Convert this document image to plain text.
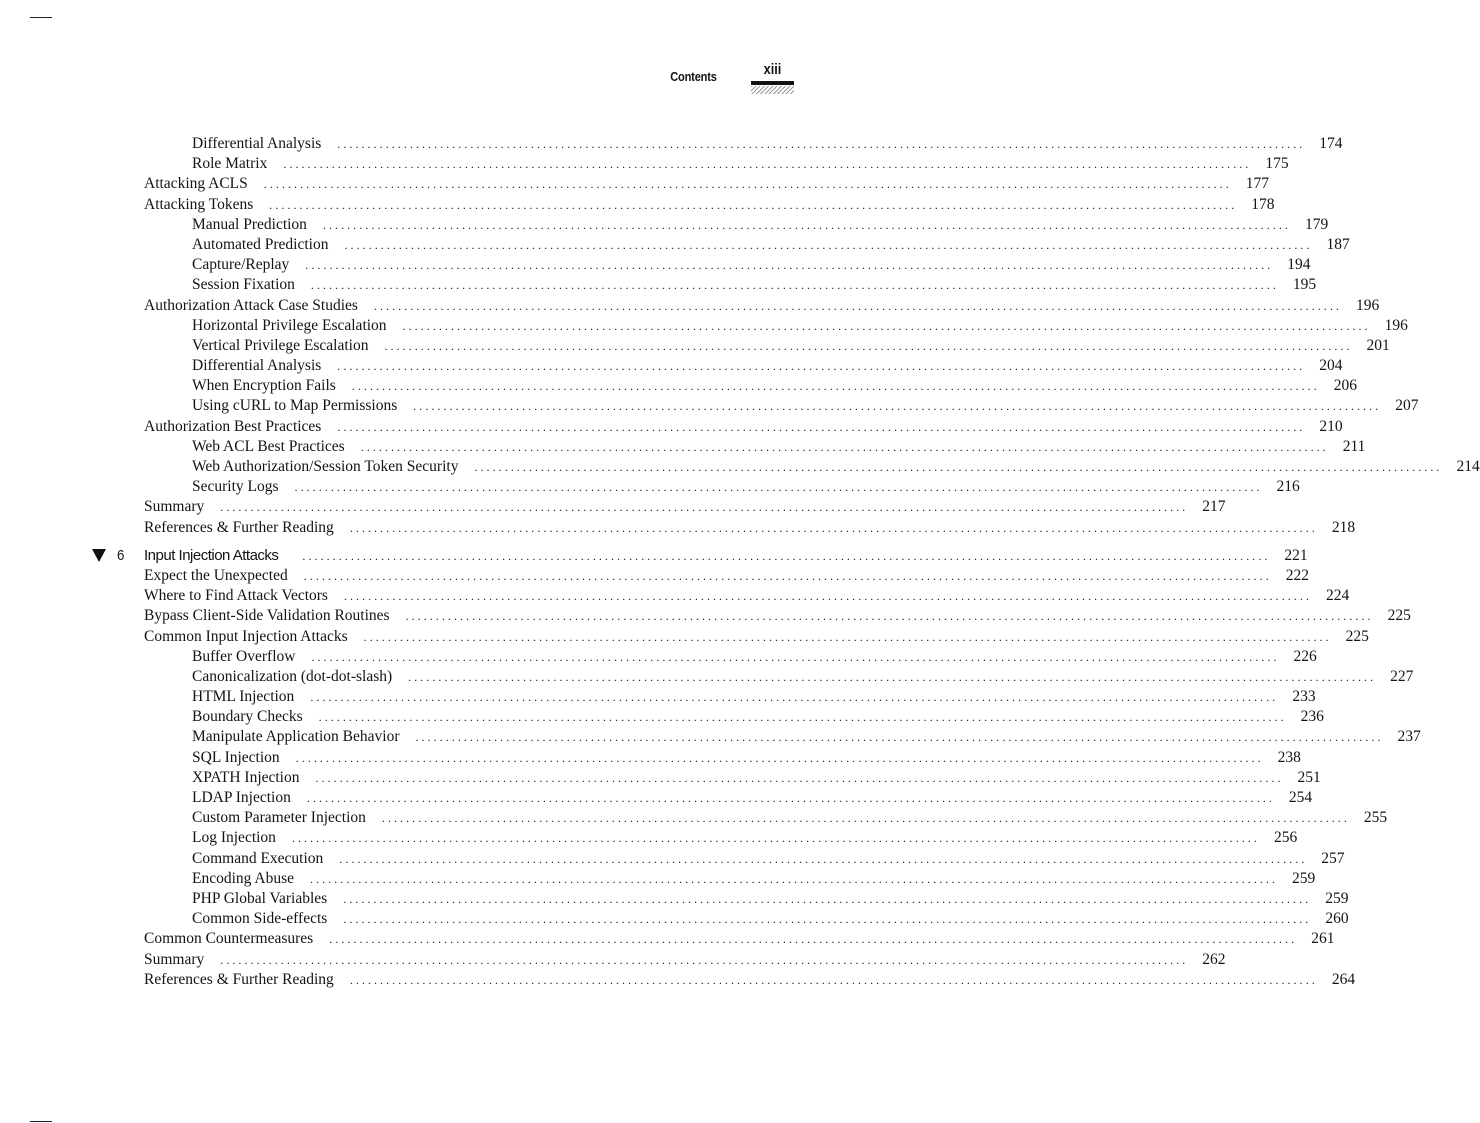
Contents	xiii
Differential Analysis ................................................................................................................................................................ 174
Role Matrix ................................................................................................................................................................ 175
Attacking ACLS ................................................................................................................................................................ 177
Attacking Tokens ................................................................................................................................................................ 178
Manual Prediction ................................................................................................................................................................ 179
Automated Prediction ................................................................................................................................................................ 187
Capture/Replay ................................................................................................................................................................ 194
Session Fixation ................................................................................................................................................................ 195
Authorization Attack Case Studies ................................................................................................................................................................ 196
Horizontal Privilege Escalation ................................................................................................................................................................ 196
Vertical Privilege Escalation ................................................................................................................................................................ 201
Differential Analysis ................................................................................................................................................................ 204
When Encryption Fails ................................................................................................................................................................ 206
Using cURL to Map Permissions ................................................................................................................................................................ 207
Authorization Best Practices ................................................................................................................................................................ 210
Web ACL Best Practices ................................................................................................................................................................ 211
Web Authorization/Session Token Security ................................................................................................................................................................ 214
Security Logs ................................................................................................................................................................ 216
Summary ................................................................................................................................................................ 217
References & Further Reading ................................................................................................................................................................ 218
6 Input Injection Attacks ................................................................................................................................................................ 221
Expect the Unexpected ................................................................................................................................................................ 222
Where to Find Attack Vectors ................................................................................................................................................................ 224
Bypass Client-Side Validation Routines ................................................................................................................................................................ 225
Common Input Injection Attacks ................................................................................................................................................................ 225
Buffer Overflow ................................................................................................................................................................ 226
Canonicalization (dot-dot-slash) ................................................................................................................................................................ 227
HTML Injection ................................................................................................................................................................ 233
Boundary Checks ................................................................................................................................................................ 236
Manipulate Application Behavior ................................................................................................................................................................ 237
SQL Injection ................................................................................................................................................................ 238
XPATH Injection ................................................................................................................................................................ 251
LDAP Injection ................................................................................................................................................................ 254
Custom Parameter Injection ................................................................................................................................................................ 255
Log Injection ................................................................................................................................................................ 256
Command Execution ................................................................................................................................................................ 257
Encoding Abuse ................................................................................................................................................................ 259
PHP Global Variables ................................................................................................................................................................ 259
Common Side-effects ................................................................................................................................................................ 260
Common Countermeasures ................................................................................................................................................................ 261
Summary ................................................................................................................................................................ 262
References & Further Reading ................................................................................................................................................................ 264
